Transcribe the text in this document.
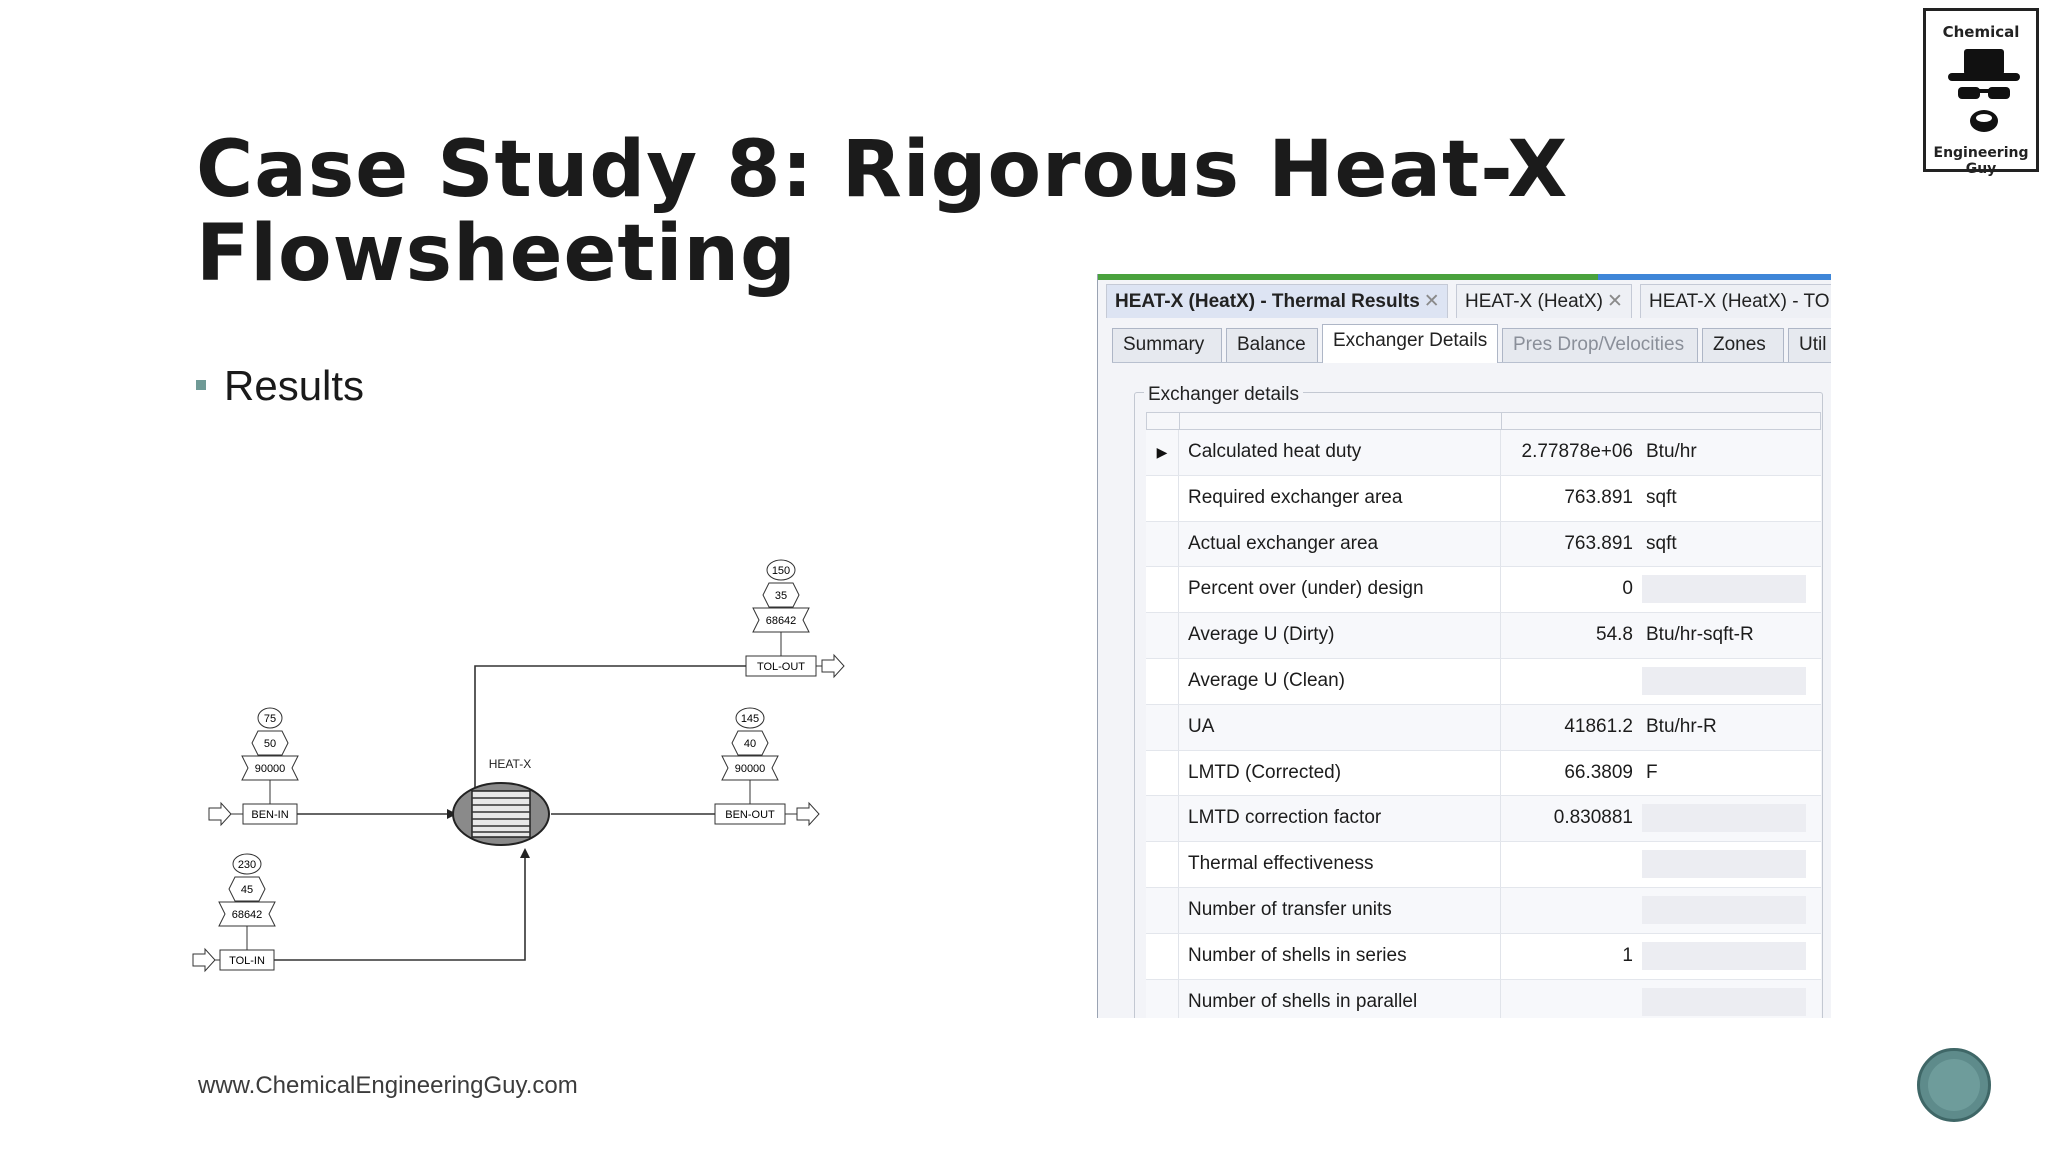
Case Study 8: Rigorous Heat-X
Flowsheeting
Results
Chemical
Engineering Guy
HEAT-X
75
50
90000
BEN-IN
230
45
68642
TOL-IN
150
35
68642
TOL-OUT
145
40
90000
BEN-OUT
HEAT-X (HeatX) - Thermal Results ✕	HEAT-X (HeatX) ✕	HEAT-X (HeatX) - TO
Summary	Balance	Exchanger Details	Pres Drop/Velocities	Zones	Util
Exchanger details
▶	Calculated heat duty	2.77878e+06 Btu/hr
Required exchanger area	763.891 sqft
Actual exchanger area	763.891 sqft
Percent over (under) design	0
Average U (Dirty)	54.8 Btu/hr-sqft-R
Average U (Clean)
UA	41861.2 Btu/hr-R
LMTD (Corrected)	66.3809 F
LMTD correction factor	0.830881
Thermal effectiveness
Number of transfer units
Number of shells in series	1
Number of shells in parallel
www.ChemicalEngineeringGuy.com
